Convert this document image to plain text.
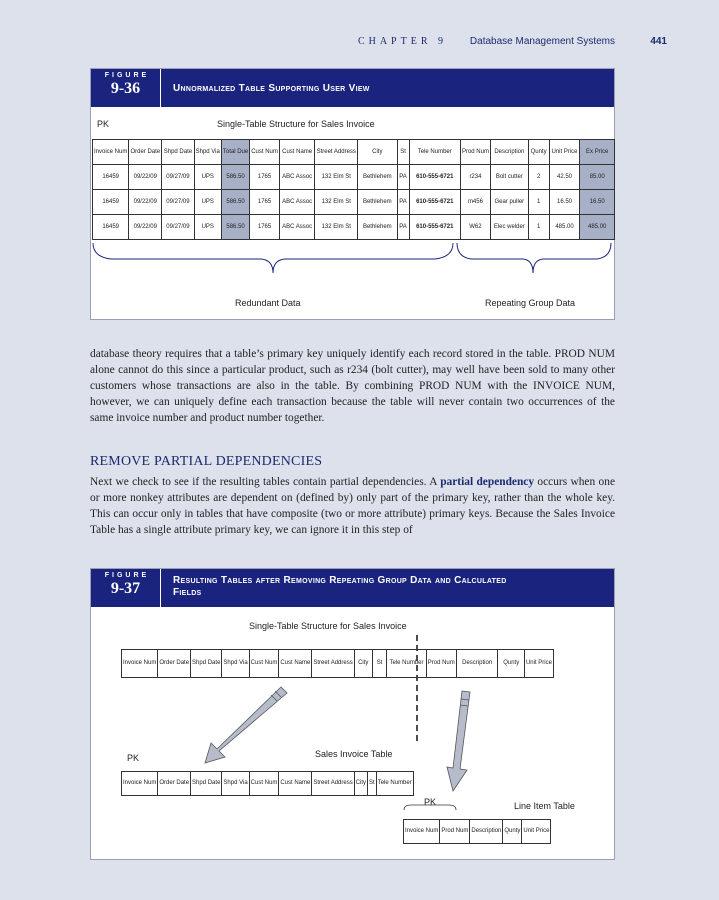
CHAPTER 9 Database Management Systems	441
FIGURE
9-36	Unnormalized Table Supporting User View
PK	Single-Table Structure for Sales Invoice
Invoice Num	Order Date	Shpd Date	Shpd Via	Total Due	Cust Num	Cust Name	Street Address	City	St	Tele Number	Prod Num	Description	Qunty	Unit Price	Ex Price
16459	09/22/09	09/27/09	UPS	586.50	1765	ABC Assoc	132 Elm St	Bethlehem	PA	610-555-6721	r234	Bolt cutter	2	42.50	85.00
16459	09/22/09	09/27/09	UPS	586.50	1765	ABC Assoc	132 Elm St	Bethlehem	PA	610-555-6721	m456	Gear puller	1	16.50	16.50
16459	09/22/09	09/27/09	UPS	586.50	1765	ABC Assoc	132 Elm St	Bethlehem	PA	610-555-6721	W62	Elec welder	1	485.00	485.00
Redundant Data	Repeating Group Data
database theory requires that a table’s primary key uniquely identify each record stored in the table. PROD NUM alone cannot do this since a particular product, such as r234 (bolt cutter), may well have been sold to many other customers whose transactions are also in the table. By combining PROD NUM with the INVOICE NUM, however, we can uniquely define each transaction because the table will never contain two occurrences of the same invoice number and product number together.
REMOVE PARTIAL DEPENDENCIES
Next we check to see if the resulting tables contain partial dependencies. A partial dependency occurs when one or more nonkey attributes are dependent on (defined by) only part of the primary key, rather than the whole key. This can occur only in tables that have composite (two or more attribute) primary keys. Because the Sales Invoice Table has a single attribute primary key, we can ignore it in this step of
FIGURE
9-37	Resulting Tables after Removing Repeating Group Data and Calculated
Fields
Single-Table Structure for Sales Invoice
Invoice Num	Order Date	Shpd Date	Shpd Via	Cust Num	Cust Name	Street Address	City	St	Tele Number	Prod Num	Description	Qunty	Unit Price
PK	Sales Invoice Table
Invoice Num	Order Date	Shpd Date	Shpd Via	Cust Num	Cust Name	Street Address	City	St	Tele Number
PK	Line Item Table
Invoice Num	Prod Num	Description	Qunty	Unit Price
